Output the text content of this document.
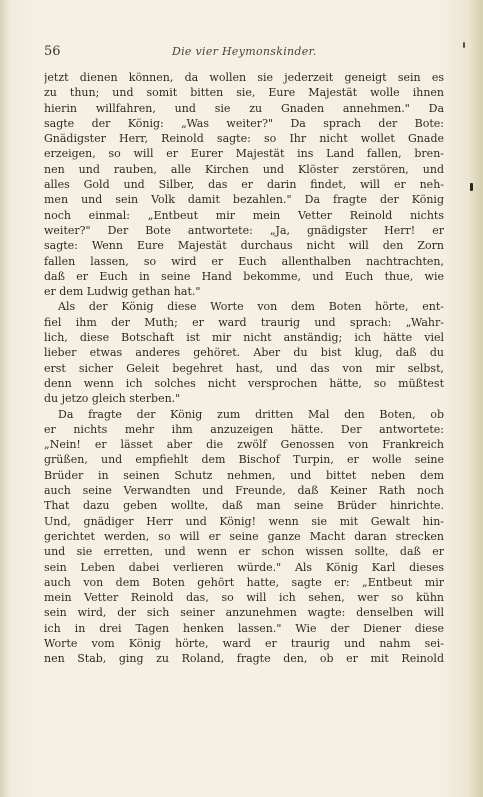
56	Die vier Heymonskinder.
jetzt dienen können, da wollen sie jederzeit geneigt sein es
zu thun; und somit bitten sie, Eure Majestät wolle ihnen
hierin willfahren, und sie zu Gnaden annehmen." Da
sagte der König: „Was weiter?" Da sprach der Bote:
Gnädigster Herr, Reinold sagte: so Ihr nicht wollet Gnade
erzeigen, so will er Eurer Majestät ins Land fallen, bren-
nen und rauben, alle Kirchen und Klöster zerstören, und
alles Gold und Silber, das er darin findet, will er neh-
men und sein Volk damit bezahlen." Da fragte der König
noch einmal: „Entbeut mir mein Vetter Reinold nichts
weiter?" Der Bote antwortete: „Ja, gnädigster Herr! er
sagte: Wenn Eure Majestät durchaus nicht will den Zorn
fallen lassen, so wird er Euch allenthalben nachtrachten,
daß er Euch in seine Hand bekomme, und Euch thue, wie
er dem Ludwig gethan hat."
Als der König diese Worte von dem Boten hörte, ent-
fiel ihm der Muth; er ward traurig und sprach: „Wahr-
lich, diese Botschaft ist mir nicht anständig; ich hätte viel
lieber etwas anderes gehöret. Aber du bist klug, daß du
erst sicher Geleit begehret hast, und das von mir selbst,
denn wenn ich solches nicht versprochen hätte, so müßtest
du jetzo gleich sterben."
Da fragte der König zum dritten Mal den Boten, ob
er nichts mehr ihm anzuzeigen hätte. Der antwortete:
„Nein! er lässet aber die zwölf Genossen von Frankreich
grüßen, und empfiehlt dem Bischof Turpin, er wolle seine
Brüder in seinen Schutz nehmen, und bittet neben dem
auch seine Verwandten und Freunde, daß Keiner Rath noch
That dazu geben wollte, daß man seine Brüder hinrichte.
Und, gnädiger Herr und König! wenn sie mit Gewalt hin-
gerichtet werden, so will er seine ganze Macht daran strecken
und sie erretten, und wenn er schon wissen sollte, daß er
sein Leben dabei verlieren würde." Als König Karl dieses
auch von dem Boten gehört hatte, sagte er: „Entbeut mir
mein Vetter Reinold das, so will ich sehen, wer so kühn
sein wird, der sich seiner anzunehmen wagte: denselben will
ich in drei Tagen henken lassen." Wie der Diener diese
Worte vom König hörte, ward er traurig und nahm sei-
nen Stab, ging zu Roland, fragte den, ob er mit Reinold
